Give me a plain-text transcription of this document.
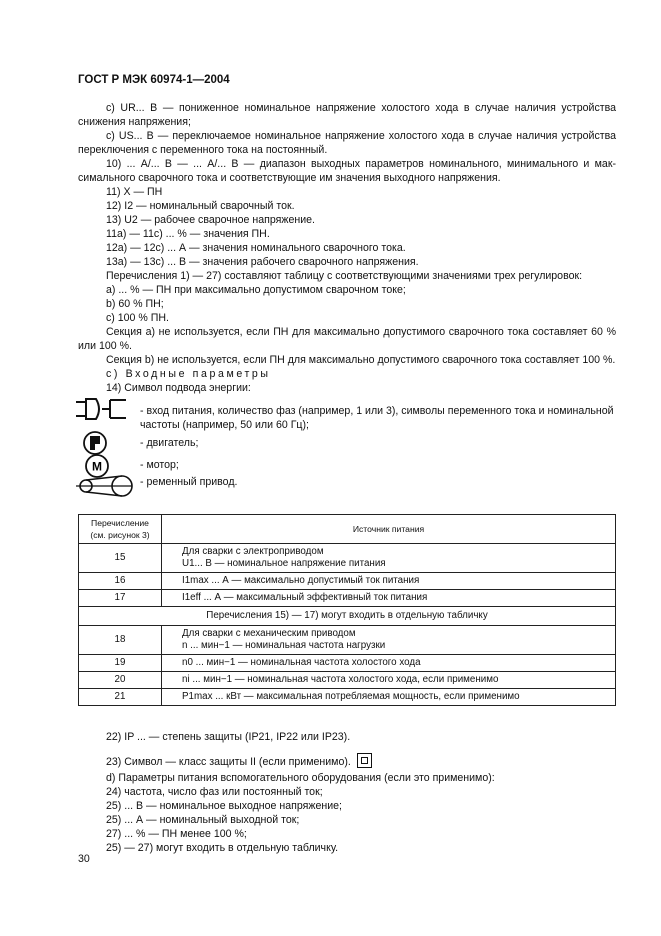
ГОСТ Р МЭК 60974-1—2004

c) UR... В — пониженное номинальное напряжение холостого хода в случае наличия устройства снижения напряжения;

c) US... В — переключаемое номинальное напряжение холостого хода в случае наличия устройства переключения с переменного тока на постоянный.

10) ... А/... В — ... А/... В — диапазон выходных параметров номинального, минимального и максимального сварочного тока и соответствующие им значения выходного напряжения.

11) X — ПН

12) I2 — номинальный сварочный ток.

13) U2 — рабочее сварочное напряжение.

11a) — 11c) ... % — значения ПН.

12a) — 12c) ... А — значения номинального сварочного тока.

13a) — 13c) ... В — значения рабочего сварочного напряжения.

Перечисления 1) — 27) составляют таблицу с соответствующими значениями трех регулировок:

а) ... % — ПН при максимально допустимом сварочном токе;

b) 60 % ПН;

c) 100 % ПН.

Секция а) не используется, если ПН для максимально допустимого сварочного тока составляет 60 % или 100 %.

Секция b) не используется, если ПН для максимально допустимого сварочного тока составляет 100 %.

c) Входные параметры

14) Символ подвода энергии:

- вход питания, количество фаз (например, 1 или 3), символы переменного тока и номинальной частоты (например, 50 или 60 Гц);
- двигатель;
M	- мотор;
- ременный привод.
Перечисление (см. рисунок 3)	Источник питания
15	Для сварки с электроприводом
U1... В — номинальное напряжение питания

16	I1max ... А — максимально допустимый ток питания

17	I1eff ... А — максимальный эффективный ток питания

Перечисления 15) — 17) могут входить в отдельную табличку	
18	Для сварки с механическим приводом
n ... мин−1 — номинальная частота нагрузки

19	n0 ... мин−1 — номинальная частота холостого хода

20	ni ... мин−1 — номинальная частота холостого хода, если применимо

21	P1max ... кВт — максимальная потребляемая мощность, если применимо

22) IP ... — степень защиты (IP21, IP22 или IP23).

23) Символ — класс защиты II (если применимо).

d) Параметры питания вспомогательного оборудования (если это применимо):

24) частота, число фаз или постоянный ток;

25) ... В — номинальное выходное напряжение;

25) ... А — номинальный выходной ток;

27) ... % — ПН менее 100 %;

25) — 27) могут входить в отдельную табличку.

30
